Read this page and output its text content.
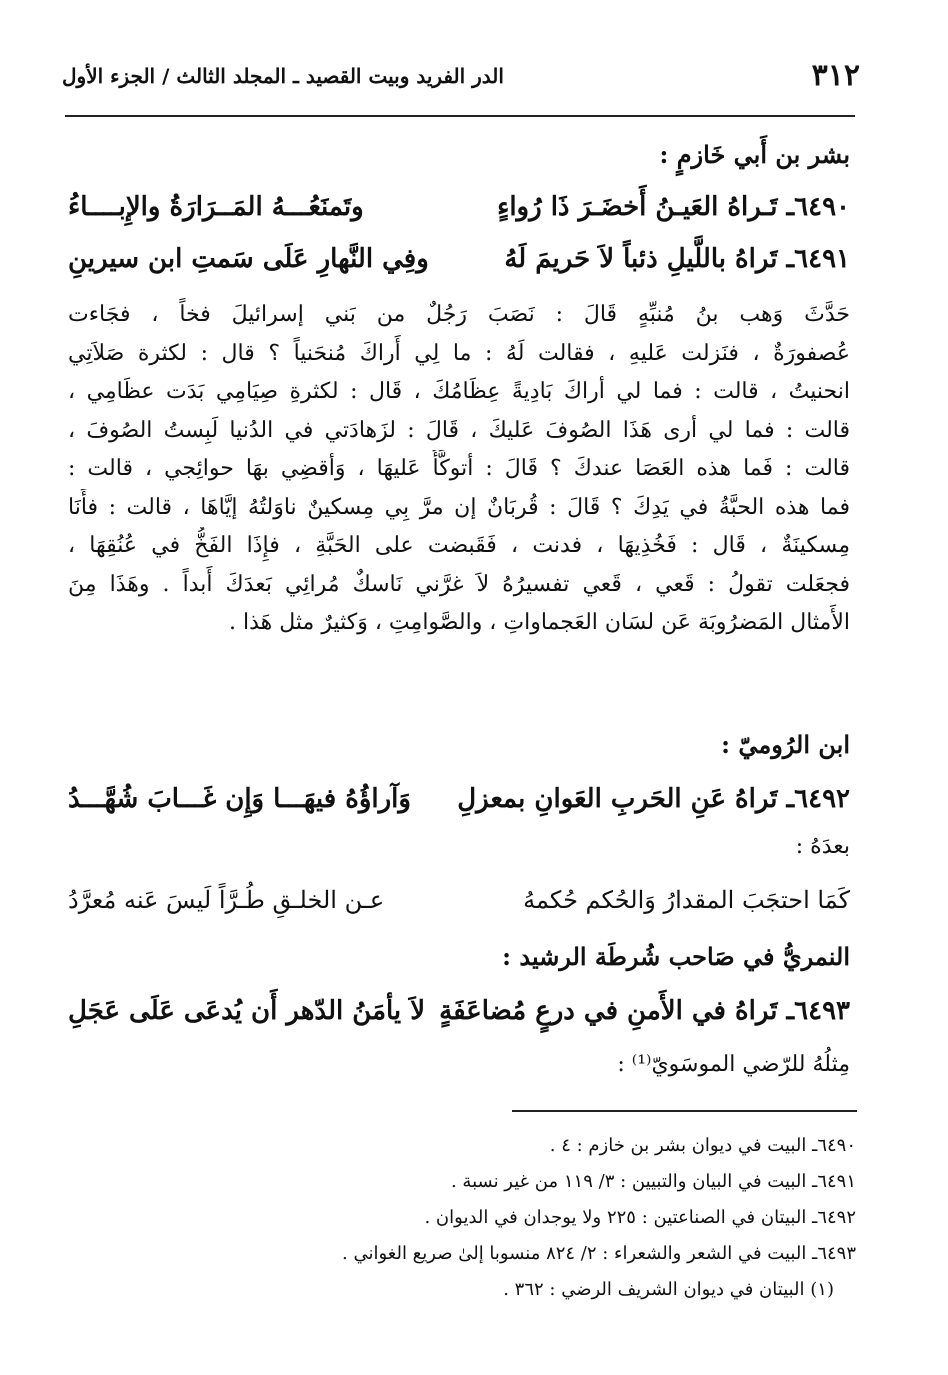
٣١٢
الدر الفريد وبيت القصيد ـ المجلد الثالث / الجزء الأول
بشر بن أَبي خَازمٍ :
٦٤٩٠ـ تَـراهُ العَيـنُ أَخضَـرَ ذَا رُواءٍ
وتَمنَعُـــهُ المَــرَارَةُ والإِبــــاءُ
٦٤٩١ـ تَراهُ باللَّيلِ ذئباً لاَ حَريمَ لَهُ
وفِي النَّهارِ عَلَى سَمتِ ابن سيرينِ
حَدَّثَ وَهب بنُ مُنبِّهٍ قَالَ : نَصَبَ رَجُلٌ من بَني إسرائيلَ فخاً ، فجَاءت
عُصفورَةٌ ، فنَزلت عَليهِ ، فقالت لَهُ : ما لِي أَراكَ مُنحَنياً ؟ قال : لكثرة صَلاَتِي
انحنيتُ ، قالت : فما لي أراكَ بَادِيةً عِظَامُكَ ، قَال : لكثرةِ صِيَامِي بَدَت عظَامِي ،
قالت : فما لي أرى هَذَا الصُوفَ عَليكَ ، قَالَ : لزَهادَتي في الدُنيا لَبِستُ الصُوفَ ،
قالت : فَما هذه العَصَا عندكَ ؟ قَالَ : أتوكَّأُ عَليهَا ، وَأقضِي بهَا حوائِجي ، قالت :
فما هذه الحبَّةُ في يَدِكَ ؟ قَالَ : قُربَانٌ إن مرَّ بِي مِسكينٌ ناوَلتُهُ إيَّاهَا ، قالت : فأَنَا
مِسكينَةٌ ، قَال : فَخُذِيهَا ، فدنت ، فَقَبضت على الحَبَّةِ ، فإِذَا الفَخُّ في عُنُقِهَا ،
فجعَلت تقولُ : قَعي ، قَعي تفسيرُهُ لاَ غرَّني نَاسكٌ مُرائِي بَعدَكَ أَبداً . وهَذَا مِنَ
الأَمثال المَضرُوبَة عَن لسَان العَجماواتِ ، والصَّوامِتِ ، وَكثيرٌ مثل هَذا .
ابن الرُوميّ :
٦٤٩٢ـ تَراهُ عَنِ الحَربِ العَوانِ بمعزلِ
وَآراؤُهُ فيهَـــا وَإِن غَـــابَ شُهَّـــدُ
بعدَهُ :
كَمَا احتجَبَ المقدارُ وَالحُكم حُكمهُ
عـن الخلـقِ طُـرَّاً لَيسَ عَنه مُعرَّدُ
النمريُّ في صَاحب شُرطَة الرشيد :
٦٤٩٣ـ تَراهُ في الأَمنِ في درعٍ مُضاعَفَةٍ
لاَ يأمَنُ الدّهر أَن يُدعَى عَلَى عَجَلِ
مِثلُهُ للرّضي الموسَويّ⁽¹⁾ :
٦٤٩٠ـ البيت في ديوان بشر بن خازم : ٤ .
٦٤٩١ـ البيت في البيان والتبيين : ٣/ ١١٩ من غير نسبة .
٦٤٩٢ـ البيتان في الصناعتين : ٢٢٥ ولا يوجدان في الديوان .
٦٤٩٣ـ البيت في الشعر والشعراء : ٢/ ٨٢٤ منسوبا إلىٰ صريع الغواني .
(١) البيتان في ديوان الشريف الرضي : ٣٦٢ .
